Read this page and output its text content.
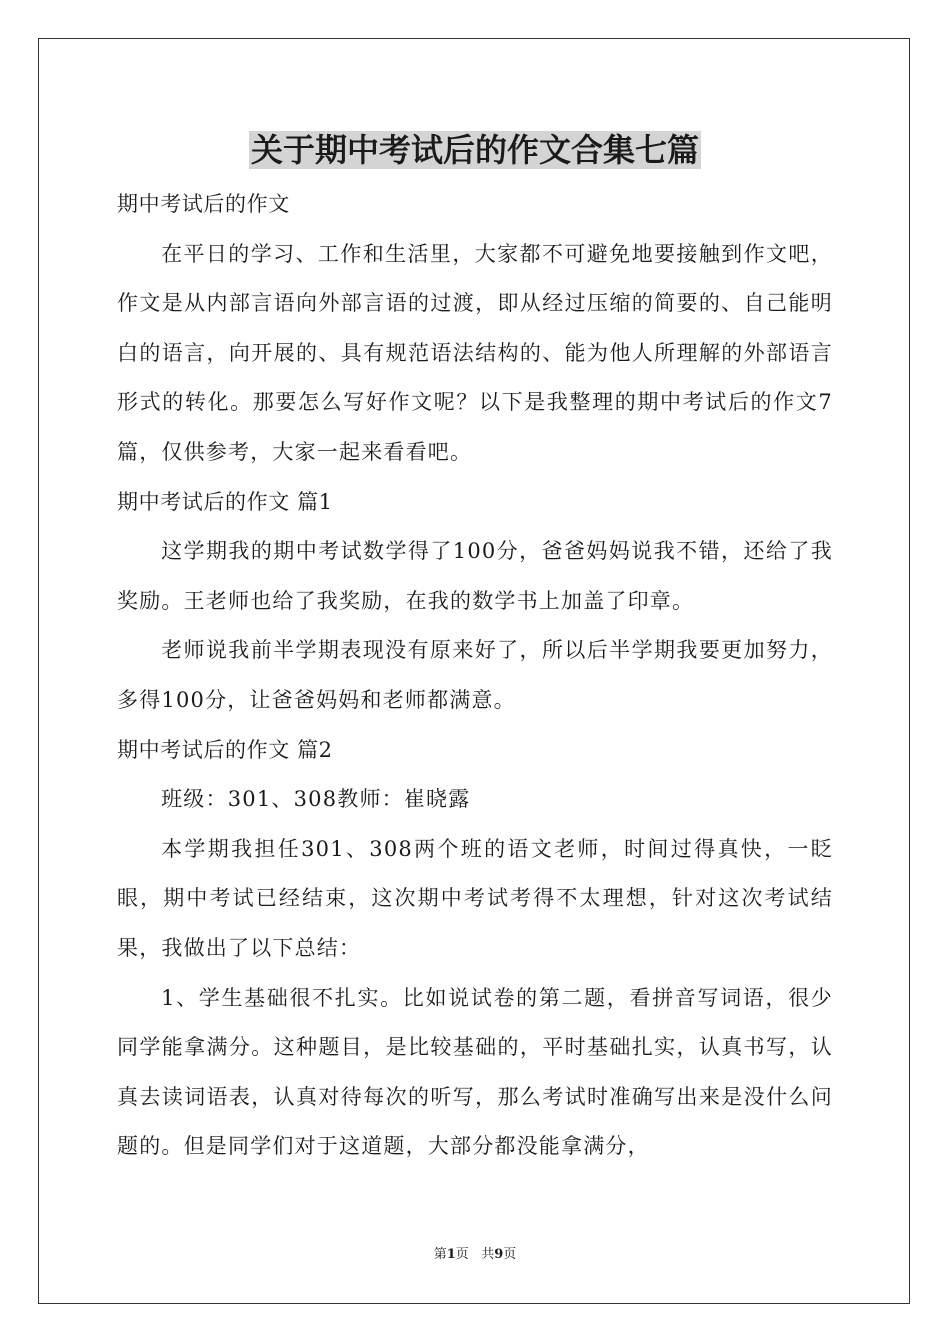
关于期中考试后的作文合集七篇

期中考试后的作文

在平日的学习、工作和生活里，大家都不可避免地要接触到作文吧，作文是从内部言语向外部言语的过渡，即从经过压缩的简要的、自己能明白的语言，向开展的、具有规范语法结构的、能为他人所理解的外部语言形式的转化。那要怎么写好作文呢？以下是我整理的期中考试后的作文7篇，仅供参考，大家一起来看看吧。

期中考试后的作文 篇1

这学期我的期中考试数学得了100分，爸爸妈妈说我不错，还给了我奖励。王老师也给了我奖励，在我的数学书上加盖了印章。

老师说我前半学期表现没有原来好了，所以后半学期我要更加努力，多得100分，让爸爸妈妈和老师都满意。

期中考试后的作文 篇2

班级：301、308教师：崔晓露

本学期我担任301、308两个班的语文老师，时间过得真快，一眨眼，期中考试已经结束，这次期中考试考得不太理想，针对这次考试结果，我做出了以下总结：

1、学生基础很不扎实。比如说试卷的第二题，看拼音写词语，很少同学能拿满分。这种题目，是比较基础的，平时基础扎实，认真书写，认真去读词语表，认真对待每次的听写，那么考试时准确写出来是没什么问题的。但是同学们对于这道题，大部分都没能拿满分，

第1页 共9页
